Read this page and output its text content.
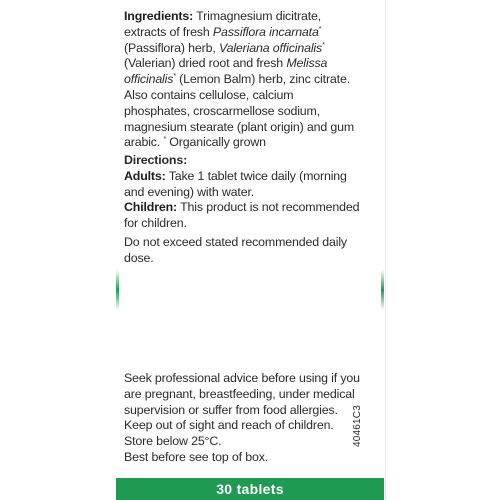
Ingredients: Trimagnesium dicitrate, extracts of fresh Passiflora incarnata* (Passiflora) herb, Valeriana officinalis* (Valerian) dried root and fresh Melissa officinalis* (Lemon Balm) herb, zinc citrate. Also contains cellulose, calcium phosphates, croscarmellose sodium, magnesium stearate (plant origin) and gum arabic. * Organically grown
Directions:
Adults: Take 1 tablet twice daily (morning and evening) with water.
Children: This product is not recommended for children.
Do not exceed stated recommended daily dose.
Seek professional advice before using if you are pregnant, breastfeeding, under medical supervision or suffer from food allergies.
Keep out of sight and reach of children.
Store below 25°C.
Best before see top of box.
40461C3
30 tablets
